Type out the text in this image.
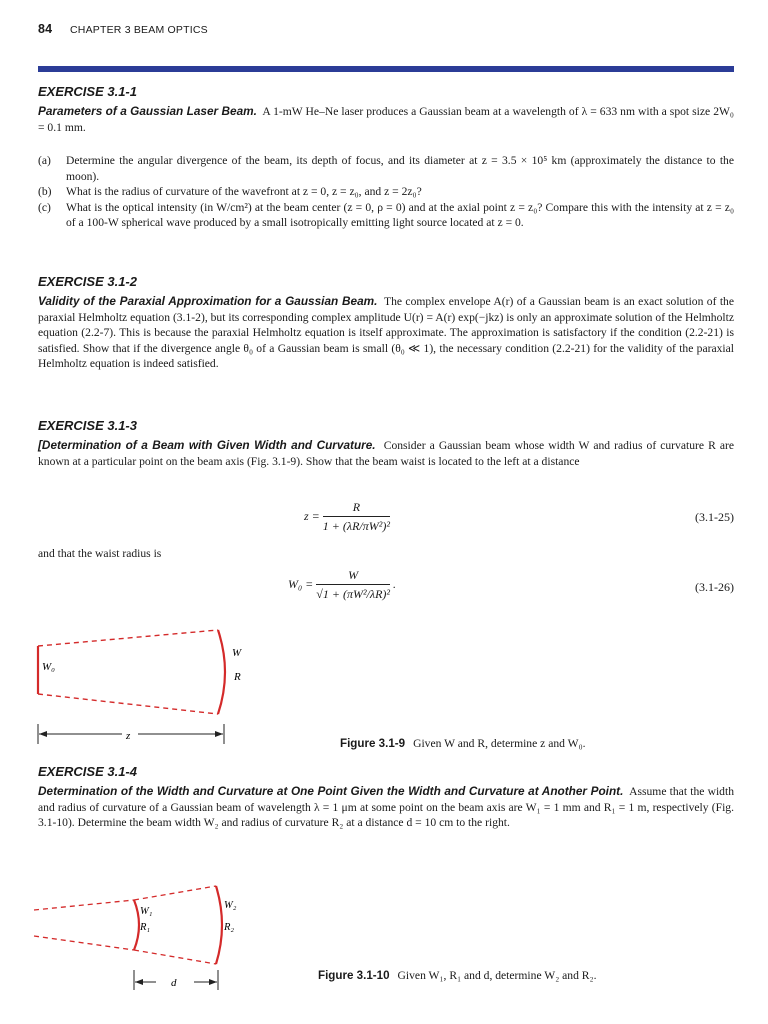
84 CHAPTER 3 BEAM OPTICS
EXERCISE 3.1-1
Parameters of a Gaussian Laser Beam. A 1-mW He–Ne laser produces a Gaussian beam at a wavelength of λ = 633 nm with a spot size 2W₀ = 0.1 mm.
(a)	Determine the angular divergence of the beam, its depth of focus, and its diameter at z = 3.5 × 10⁵ km (approximately the distance to the moon).
(b)	What is the radius of curvature of the wavefront at z = 0, z = z₀, and z = 2z₀?
(c)	What is the optical intensity (in W/cm²) at the beam center (z = 0, ρ = 0) and at the axial point z = z₀? Compare this with the intensity at z = z₀ of a 100-W spherical wave produced by a small isotropically emitting light source located at z = 0.
EXERCISE 3.1-2
Validity of the Paraxial Approximation for a Gaussian Beam. The complex envelope A(r) of a Gaussian beam is an exact solution of the paraxial Helmholtz equation (3.1-2), but its corresponding complex amplitude U(r) = A(r) exp(−jkz) is only an approximate solution of the Helmholtz equation (2.2-7). This is because the paraxial Helmholtz equation is itself approximate. The approximation is satisfactory if the condition (2.2-21) is satisfied. Show that if the divergence angle θ₀ of a Gaussian beam is small (θ₀ ≪ 1), the necessary condition (2.2-21) for the validity of the paraxial Helmholtz equation is indeed satisfied.
EXERCISE 3.1-3
[Determination of a Beam with Given Width and Curvature. Consider a Gaussian beam whose width W and radius of curvature R are known at a particular point on the beam axis (Fig. 3.1-9). Show that the beam waist is located to the left at a distance
$z = \frac{R}{\text{1 + (λR/πW²)²}}$	(3.1-25)
and that the waist radius is
$W_0 = \frac{W}{\text{√1 + (πW²/λR)²}}$ .	(3.1-26)
W₀
W
R
z
Figure 3.1-9 Given W and R, determine z and W₀.
EXERCISE 3.1-4
Determination of the Width and Curvature at One Point Given the Width and Curvature at Another Point. Assume that the width and radius of curvature of a Gaussian beam of wavelength λ = 1 μm at some point on the beam axis are W₁ = 1 mm and R₁ = 1 m, respectively (Fig. 3.1-10). Determine the beam width W₂ and radius of curvature R₂ at a distance d = 10 cm to the right.
W₁
R₁
W₂
R₂
d
Figure 3.1-10 Given W₁, R₁ and d, determine W₂ and R₂.
